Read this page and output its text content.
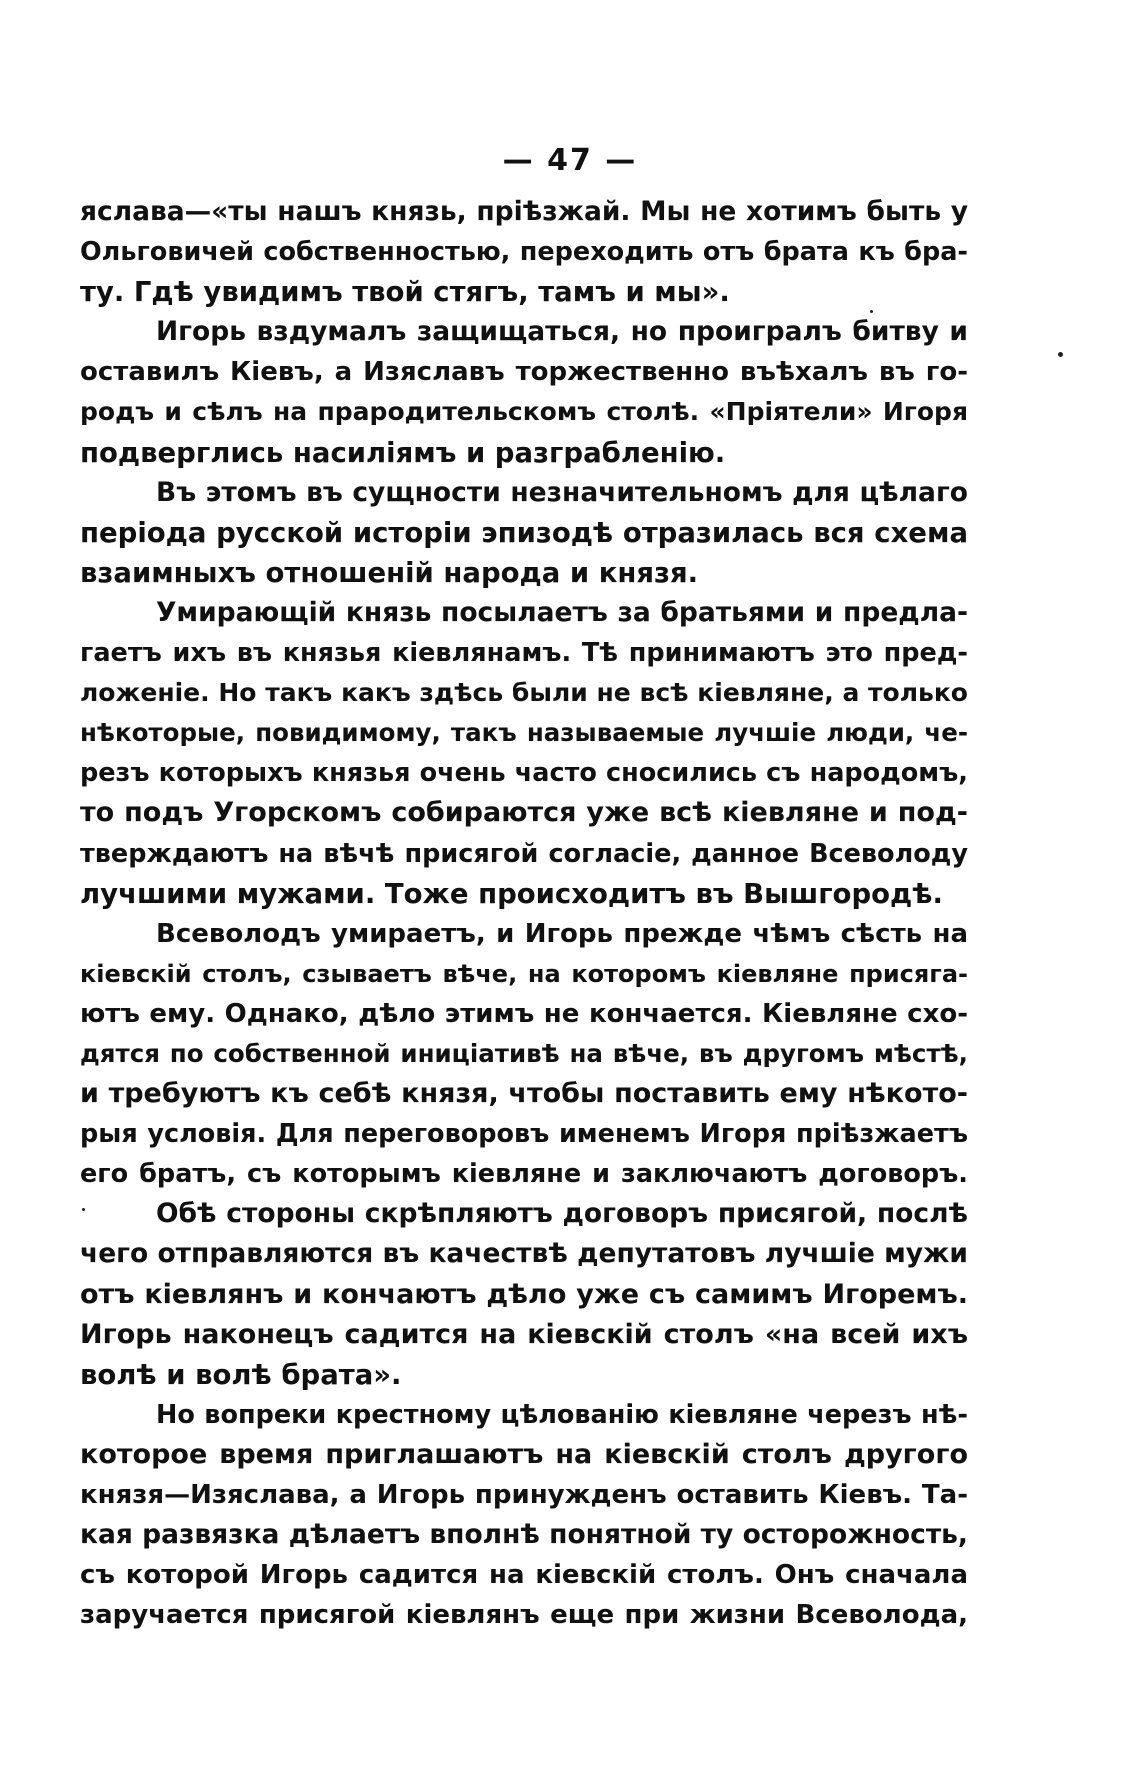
— 47 —
яслава—«ты нашъ князь, пріѣзжай. Мы не хотимъ быть у
Ольговичей собственностью, переходить отъ брата къ бра-
ту. Гдѣ увидимъ твой стягъ, тамъ и мы».
Игорь вздумалъ защищаться, но проигралъ битву и
оставилъ Кіевъ, а Изяславъ торжественно въѣхалъ въ го-
родъ и сѣлъ на прародительскомъ столѣ. «Пріятели» Игоря
подверглись насиліямъ и разграбленію.
Въ этомъ въ сущности незначительномъ для цѣлаго
періода русской исторіи эпизодѣ отразилась вся схема
взаимныхъ отношеній народа и князя.
Умирающій князь посылаетъ за братьями и предла-
гаетъ ихъ въ князья кіевлянамъ. Тѣ принимаютъ это пред-
ложеніе. Но такъ какъ здѣсь были не всѣ кіевляне, а только
нѣкоторые, повидимому, такъ называемые лучшіе люди, че-
резъ которыхъ князья очень часто сносились съ народомъ,
то подъ Угорскомъ собираются уже всѣ кіевляне и под-
тверждаютъ на вѣчѣ присягой согласіе, данное Всеволоду
лучшими мужами. Тоже происходитъ въ Вышгородѣ.
Всеволодъ умираетъ, и Игорь прежде чѣмъ сѣсть на
кіевскій столъ, сзываетъ вѣче, на которомъ кіевляне присяга-
ютъ ему. Однако, дѣло этимъ не кончается. Кіевляне схо-
дятся по собственной иниціативѣ на вѣче, въ другомъ мѣстѣ,
и требуютъ къ себѣ князя, чтобы поставить ему нѣкото-
рыя условія. Для переговоровъ именемъ Игоря пріѣзжаетъ
его братъ, съ которымъ кіевляне и заключаютъ договоръ.
Обѣ стороны скрѣпляютъ договоръ присягой, послѣ
чего отправляются въ качествѣ депутатовъ лучшіе мужи
отъ кіевлянъ и кончаютъ дѣло уже съ самимъ Игоремъ.
Игорь наконецъ садится на кіевскій столъ «на всей ихъ
волѣ и волѣ брата».
Но вопреки крестному цѣлованію кіевляне черезъ нѣ-
которое время приглашаютъ на кіевскій столъ другого
князя—Изяслава, а Игорь принужденъ оставить Кіевъ. Та-
кая развязка дѣлаетъ вполнѣ понятной ту осторожность,
съ которой Игорь садится на кіевскій столъ. Онъ сначала
заручается присягой кіевлянъ еще при жизни Всеволода,
